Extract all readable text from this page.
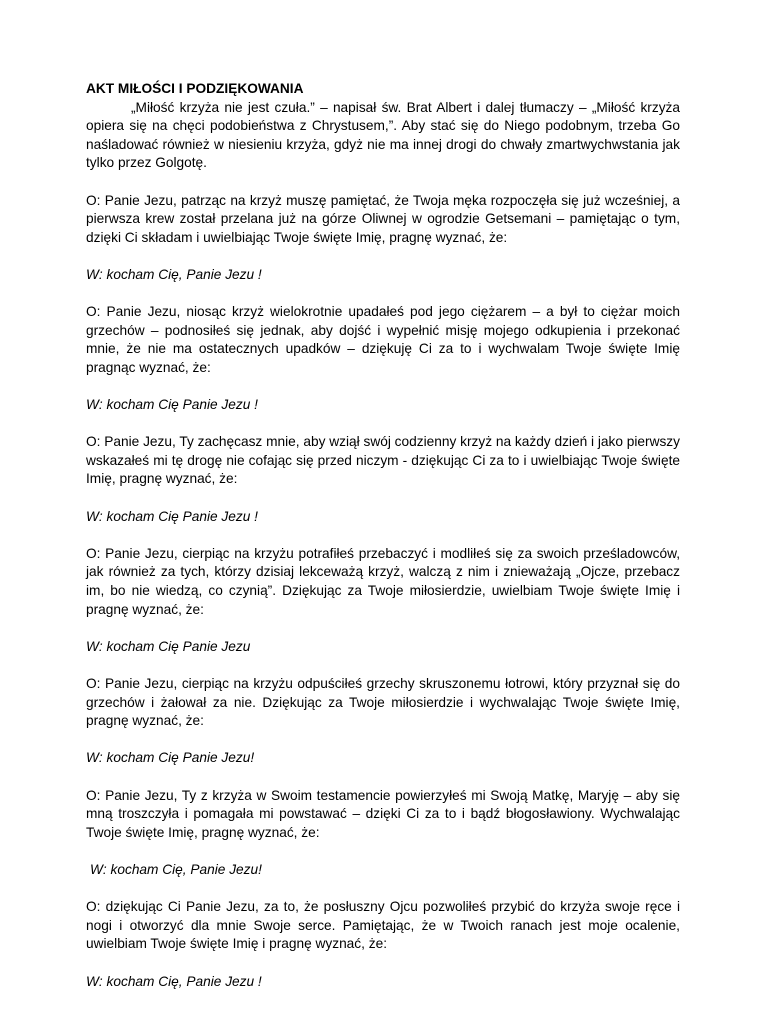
AKT MIŁOŚCI I PODZIĘKOWANIA

„Miłość krzyża nie jest czuła.” – napisał św. Brat Albert i dalej tłumaczy – „Miłość krzyża opiera się na chęci podobieństwa z Chrystusem,”. Aby stać się do Niego podobnym, trzeba Go naśladować również w niesieniu krzyża, gdyż nie ma innej drogi do chwały zmartwychwstania jak tylko przez Golgotę.

O: Panie Jezu, patrząc na krzyż muszę pamiętać, że Twoja męka rozpoczęła się już wcześniej, a pierwsza krew został przelana już na górze Oliwnej w ogrodzie Getsemani – pamiętając o tym, dzięki Ci składam i uwielbiając Twoje święte Imię, pragnę wyznać, że:

W: kocham Cię, Panie Jezu !

O: Panie Jezu, niosąc krzyż wielokrotnie upadałeś pod jego ciężarem – a był to ciężar moich grzechów – podnosiłeś się jednak, aby dojść i wypełnić misję mojego odkupienia i przekonać mnie, że nie ma ostatecznych upadków – dziękuję Ci za to i wychwalam Twoje święte Imię pragnąc wyznać, że:

W: kocham Cię Panie Jezu !

O: Panie Jezu, Ty zachęcasz mnie, aby wziął swój codzienny krzyż na każdy dzień i jako pierwszy wskazałeś mi tę drogę nie cofając się przed niczym - dziękując Ci za to i uwielbiając Twoje święte Imię, pragnę wyznać, że:

W: kocham Cię Panie Jezu !

O: Panie Jezu, cierpiąc na krzyżu potrafiłeś przebaczyć i modliłeś się za swoich prześladowców, jak również za tych, którzy dzisiaj lekceważą krzyż, walczą z nim i znieważają „Ojcze, przebacz im, bo nie wiedzą, co czynią”. Dziękując za Twoje miłosierdzie, uwielbiam Twoje święte Imię i pragnę wyznać, że:

W: kocham Cię Panie Jezu

O: Panie Jezu, cierpiąc na krzyżu odpuściłeś grzechy skruszonemu łotrowi, który przyznał się do grzechów i żałował za nie. Dziękując za Twoje miłosierdzie i wychwalając Twoje święte Imię, pragnę wyznać, że:

W: kocham Cię Panie Jezu!

O: Panie Jezu, Ty z krzyża w Swoim testamencie powierzyłeś mi Swoją Matkę, Maryję – aby się mną troszczyła i pomagała mi powstawać – dzięki Ci za to i bądź błogosławiony. Wychwalając Twoje święte Imię, pragnę wyznać, że:

W: kocham Cię, Panie Jezu!

O: dziękując Ci Panie Jezu, za to, że posłuszny Ojcu pozwoliłeś przybić do krzyża swoje ręce i nogi i otworzyć dla mnie Swoje serce. Pamiętając, że w Twoich ranach jest moje ocalenie, uwielbiam Twoje święte Imię i pragnę wyznać, że:

W: kocham Cię, Panie Jezu !
